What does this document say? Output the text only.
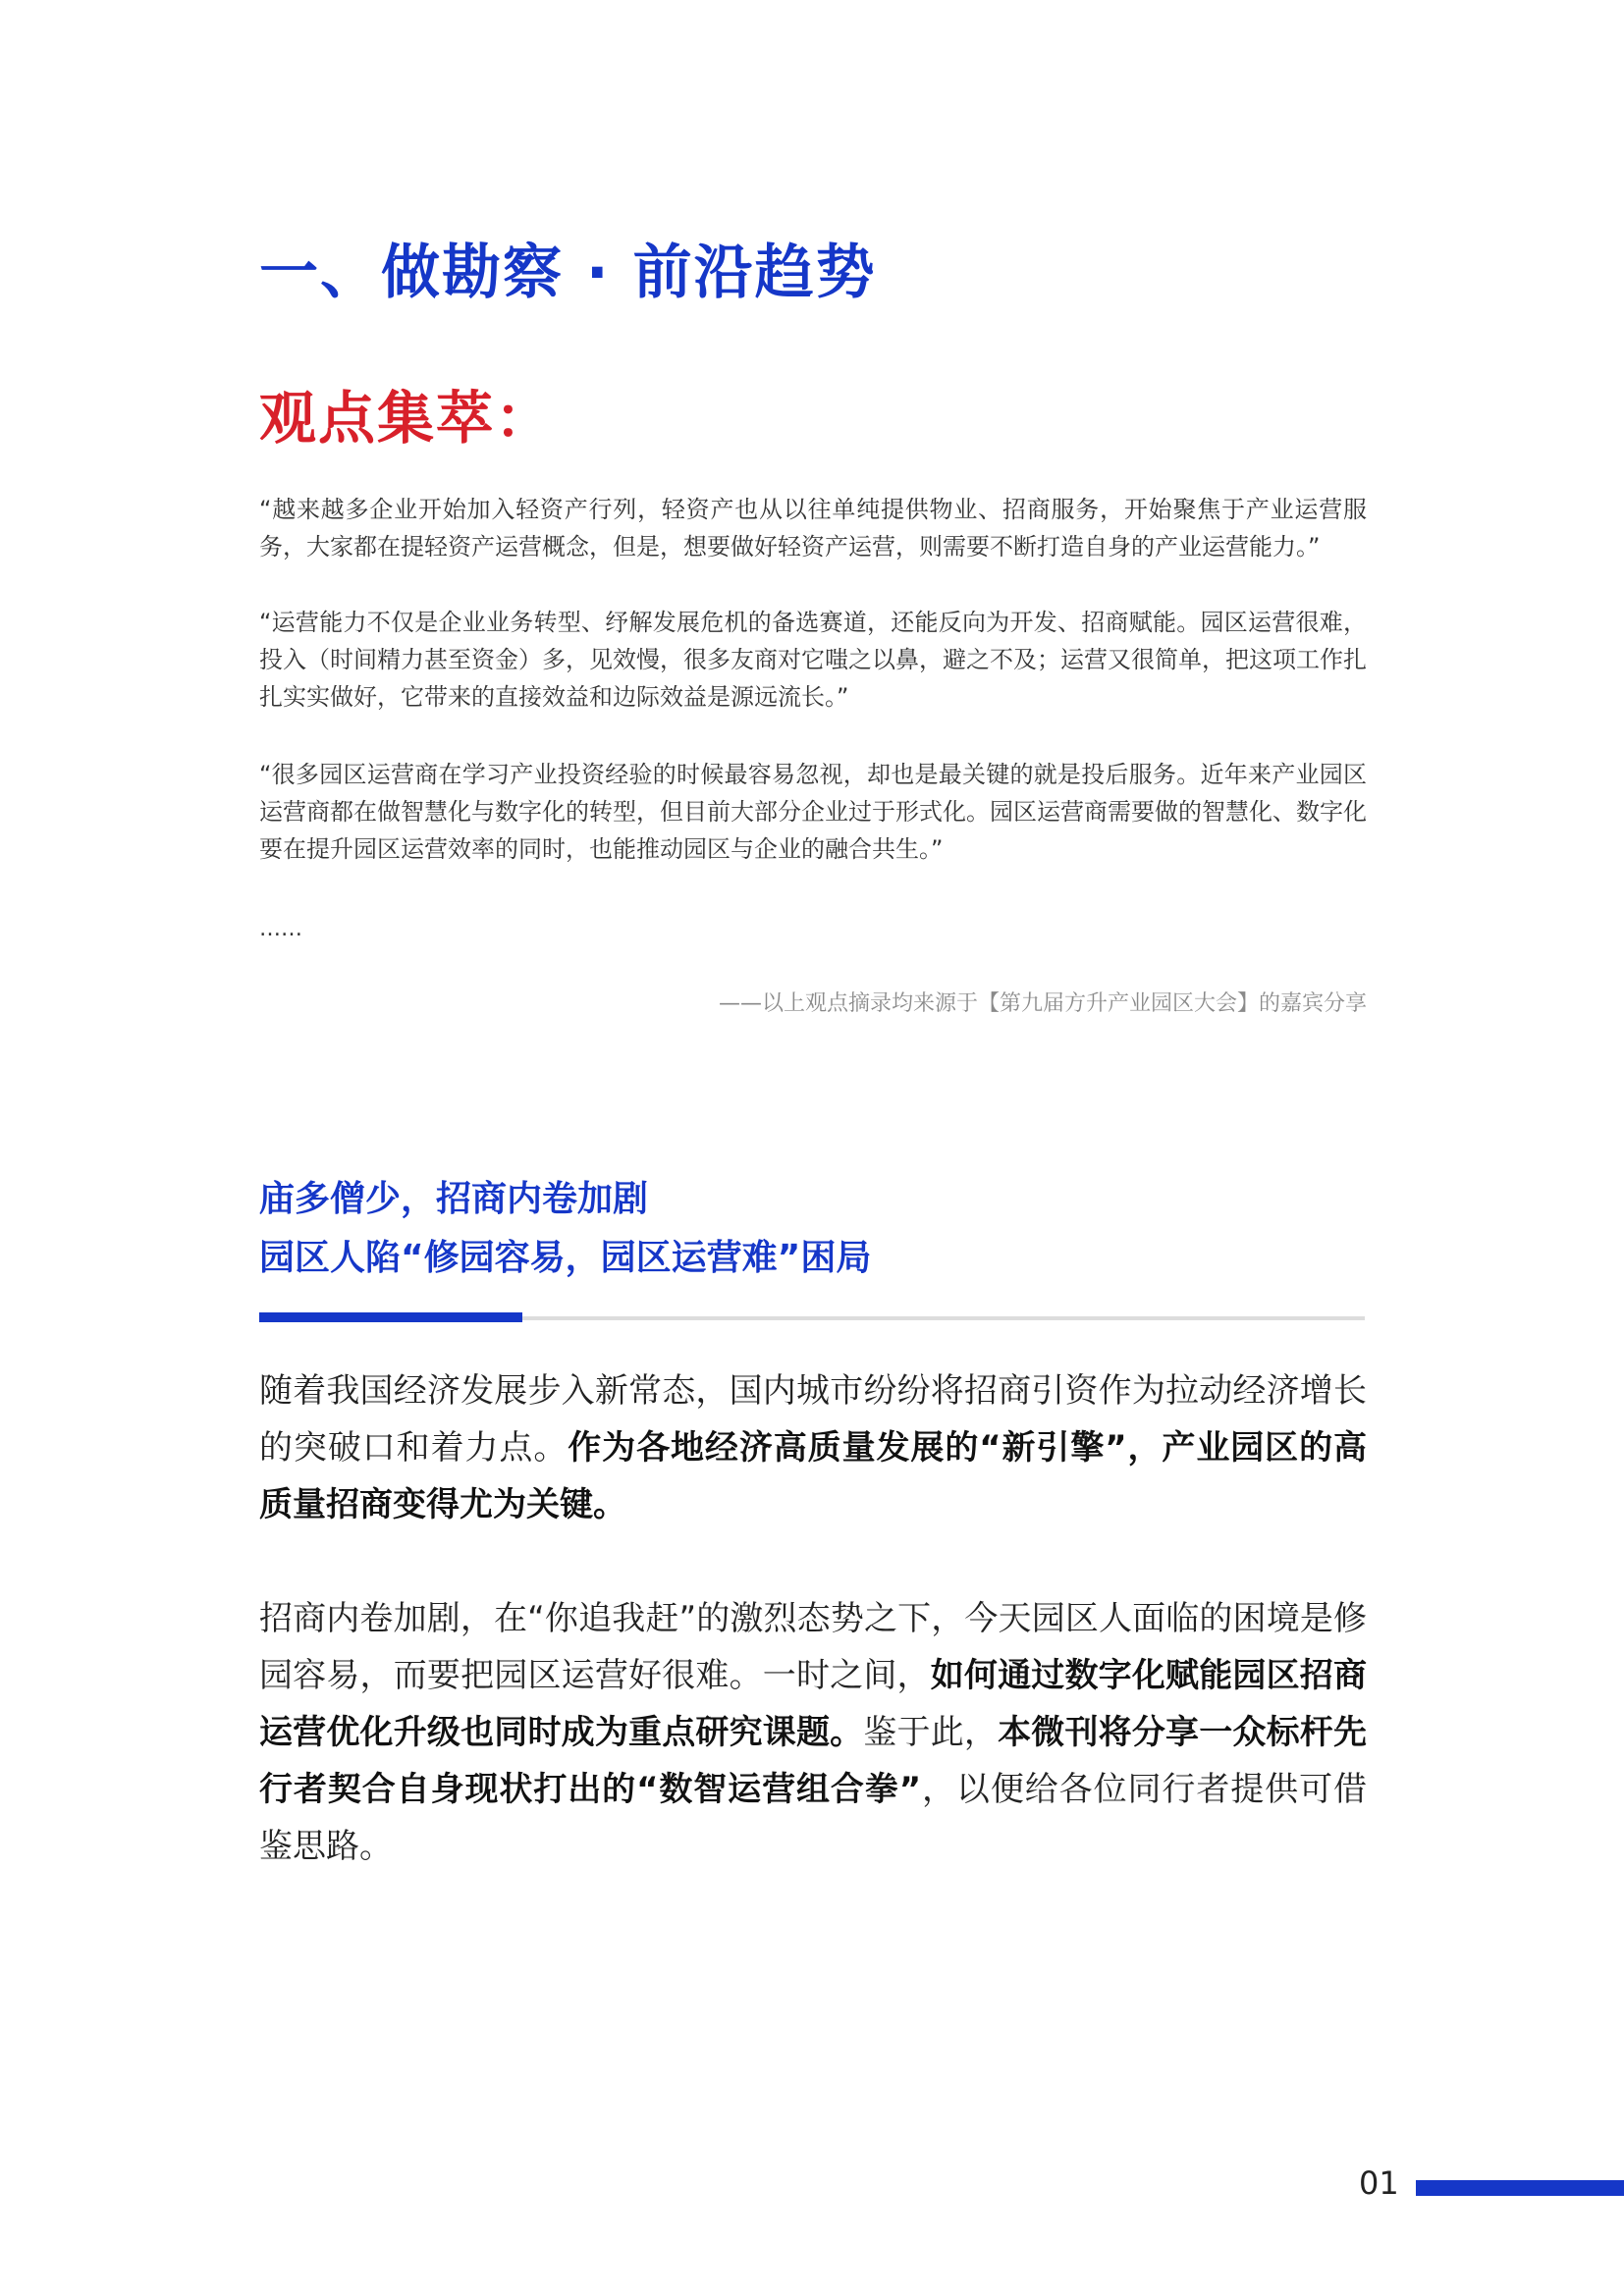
一、做勘察 · 前沿趋势
观点集萃：

“越来越多企业开始加入轻资产行列，轻资产也从以往单纯提供物业、招商服务，开始聚焦于产业运营服务，大家都在提轻资产运营概念，但是，想要做好轻资产运营，则需要不断打造自身的产业运营能力。”

“运营能力不仅是企业业务转型、纾解发展危机的备选赛道，还能反向为开发、招商赋能。园区运营很难，投入（时间精力甚至资金）多，见效慢，很多友商对它嗤之以鼻，避之不及；运营又很简单，把这项工作扎扎实实做好，它带来的直接效益和边际效益是源远流长。”

“很多园区运营商在学习产业投资经验的时候最容易忽视，却也是最关键的就是投后服务。近年来产业园区运营商都在做智慧化与数字化的转型，但目前大部分企业过于形式化。园区运营商需要做的智慧化、数字化要在提升园区运营效率的同时，也能推动园区与企业的融合共生。”

……

——以上观点摘录均来源于【第九届方升产业园区大会】的嘉宾分享

庙多僧少，招商内卷加剧
园区人陷“修园容易，园区运营难”困局

随着我国经济发展步入新常态，国内城市纷纷将招商引资作为拉动经济增长的突破口和着力点。作为各地经济高质量发展的“新引擎”，产业园区的高质量招商变得尤为关键。

招商内卷加剧，在“你追我赶”的激烈态势之下，今天园区人面临的困境是修园容易，而要把园区运营好很难。一时之间，如何通过数字化赋能园区招商运营优化升级也同时成为重点研究课题。鉴于此，本微刊将分享一众标杆先行者契合自身现状打出的“数智运营组合拳”，以便给各位同行者提供可借鉴思路。

01
